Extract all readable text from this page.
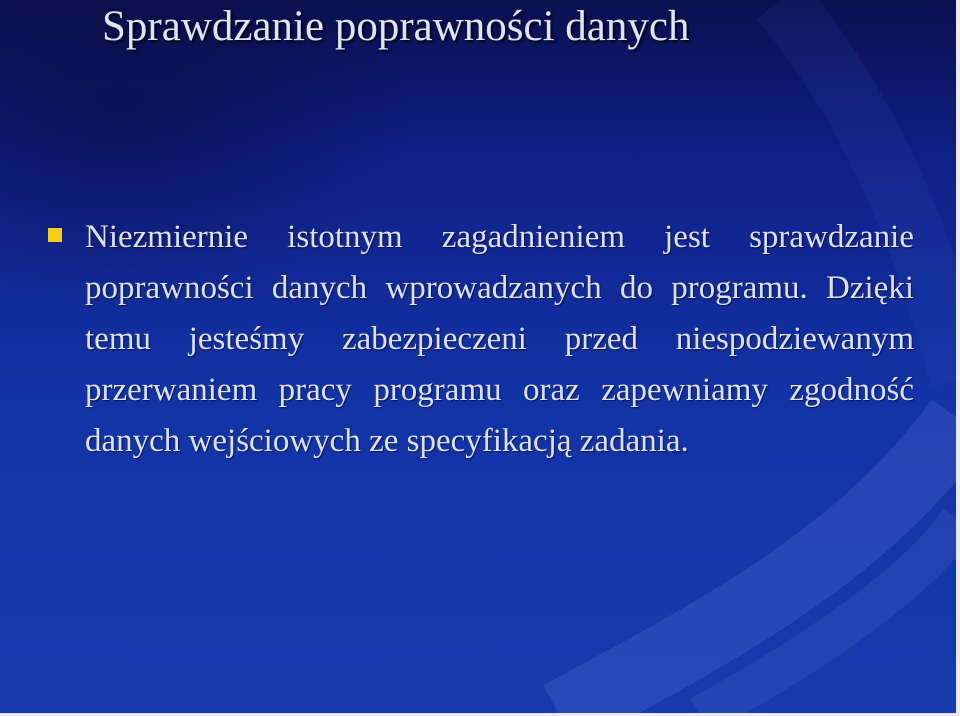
Sprawdzanie poprawności danych

Niezmiernie istotnym zagadnieniem jest sprawdzanie poprawności danych wprowadzanych do programu. Dzięki temu jesteśmy zabezpieczeni przed niespodziewanym przerwaniem pracy programu oraz zapewniamy zgodność danych wejściowych ze specyfikacją zadania.
